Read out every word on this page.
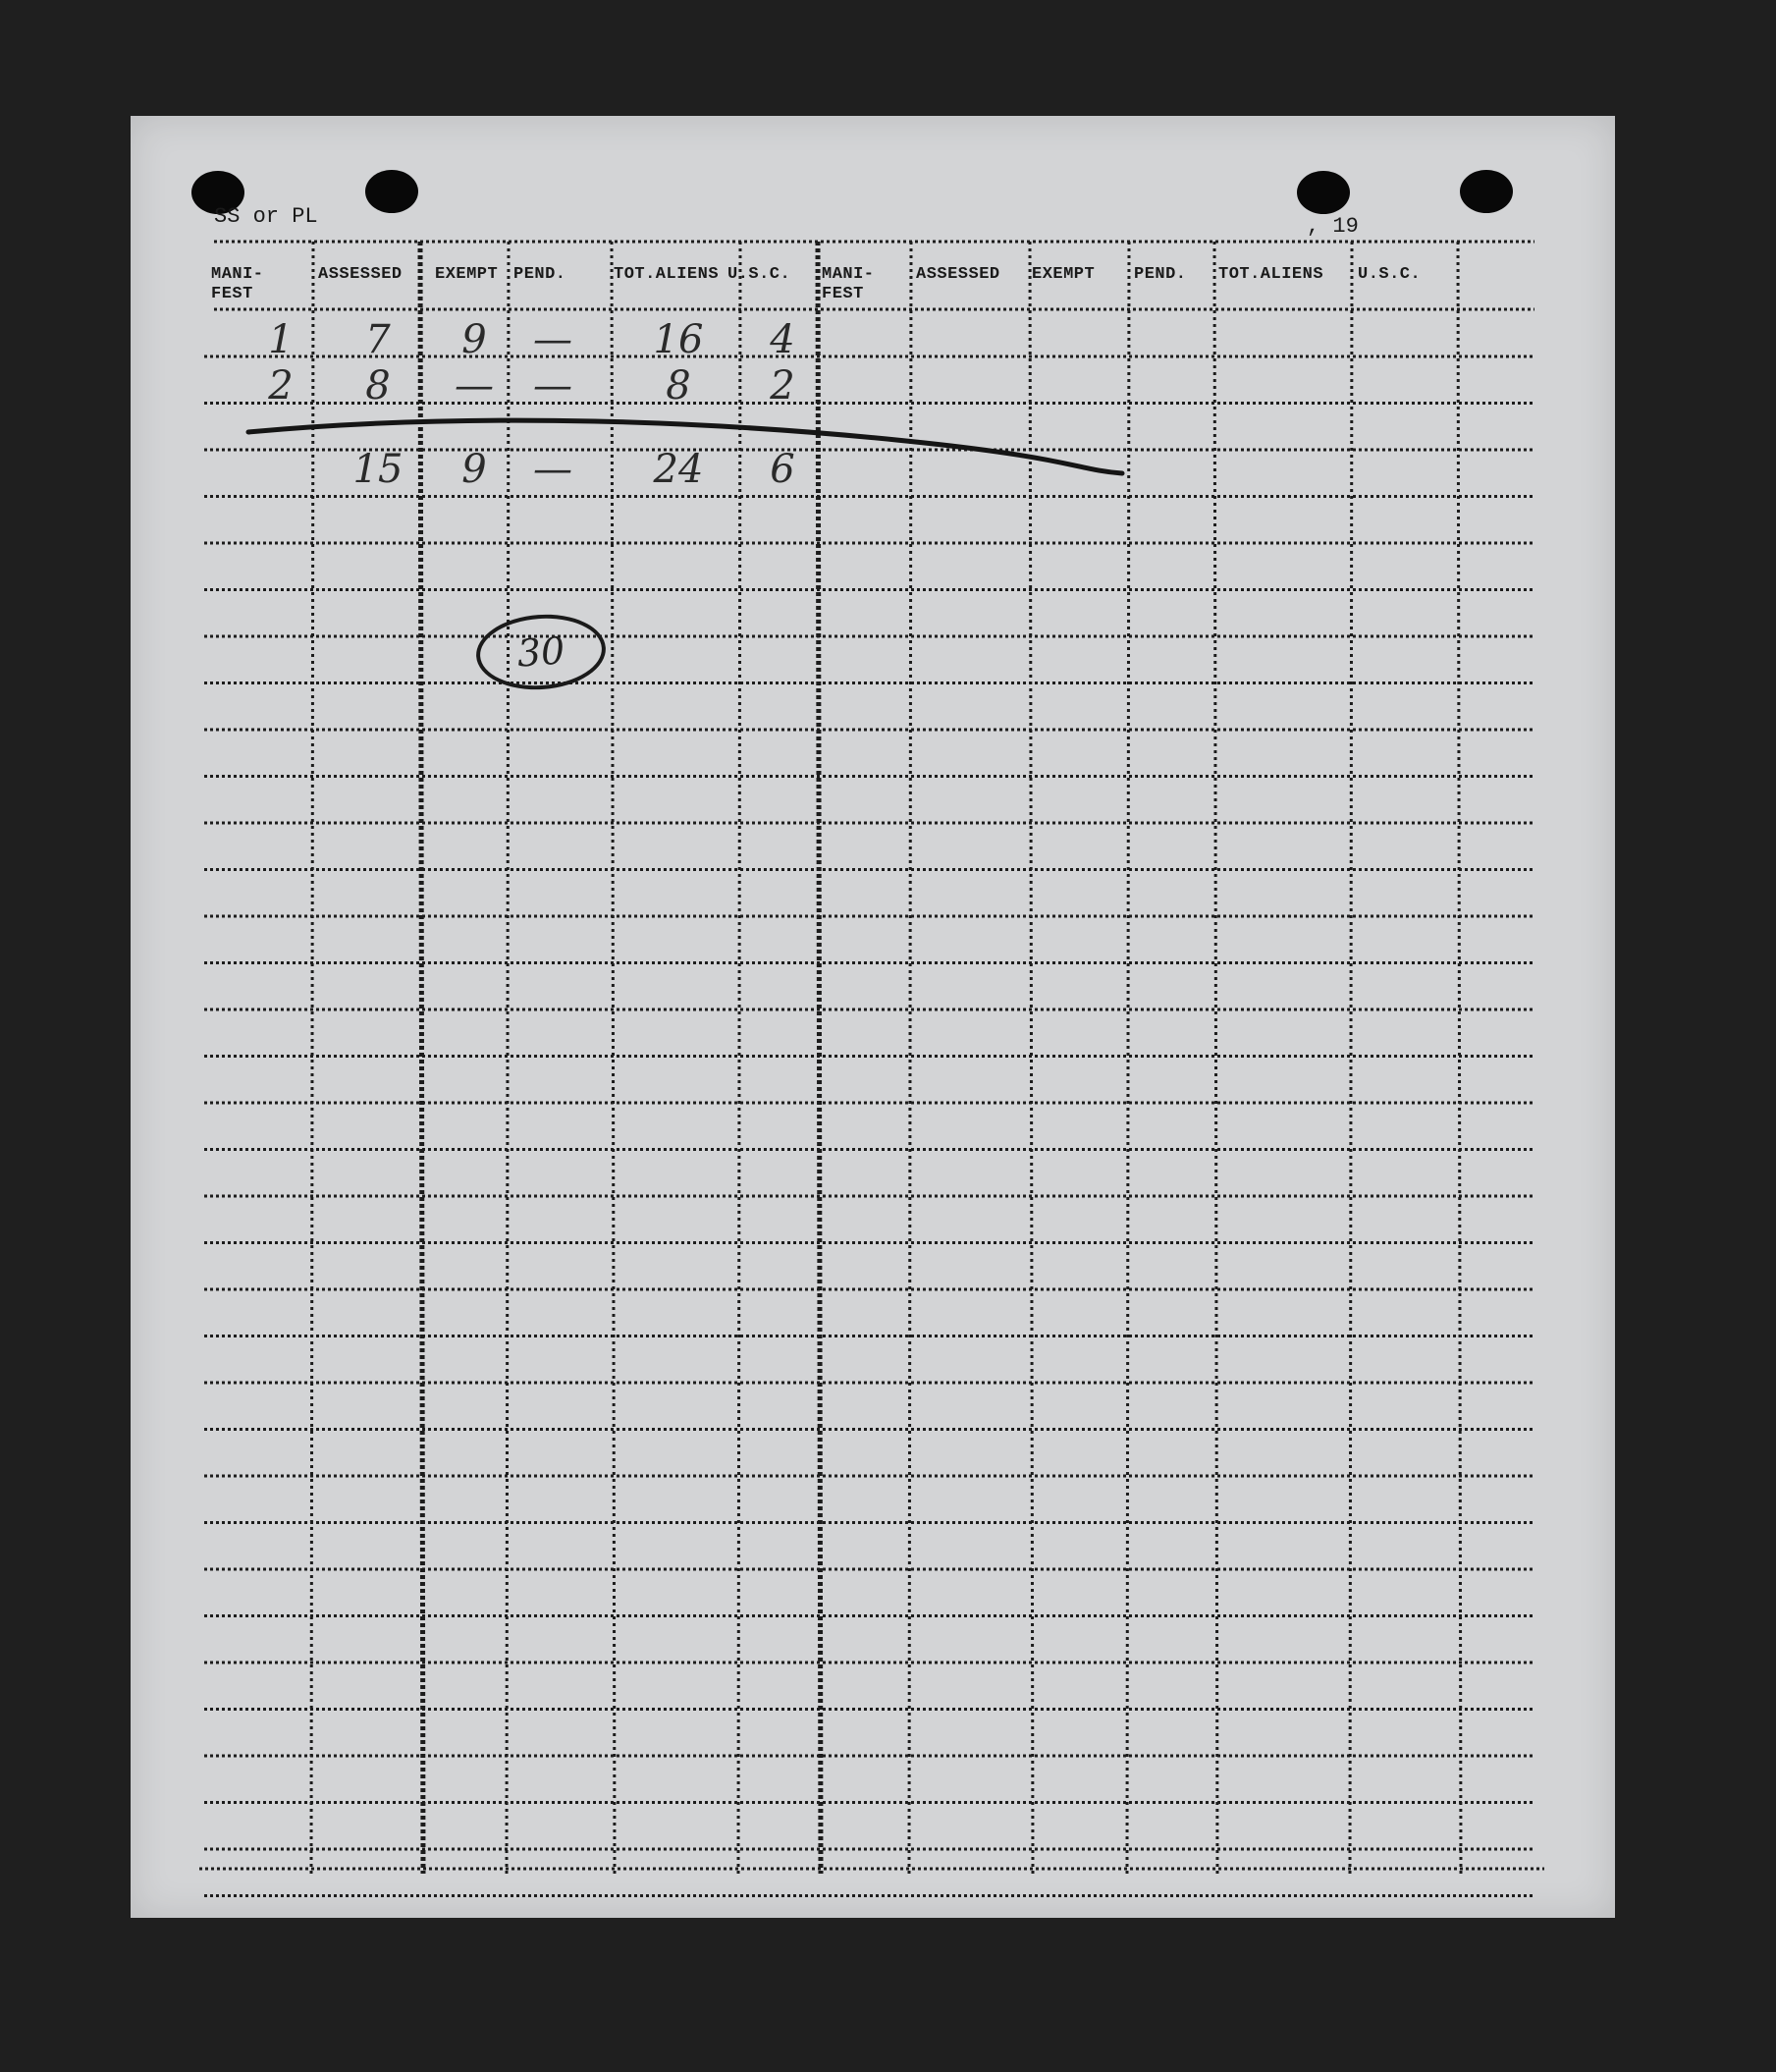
SS or PL	, 19
MANI-
FEST
ASSESSED EXEMPT PEND.	TOT.ALIENS U.S.C. MANI-
FEST
ASSESSED EXEMPT PEND. TOT.ALIENS U.S.C.
1 7 9 — 16 4
2 8 — — 8 2
15 9 — 24 6
30
